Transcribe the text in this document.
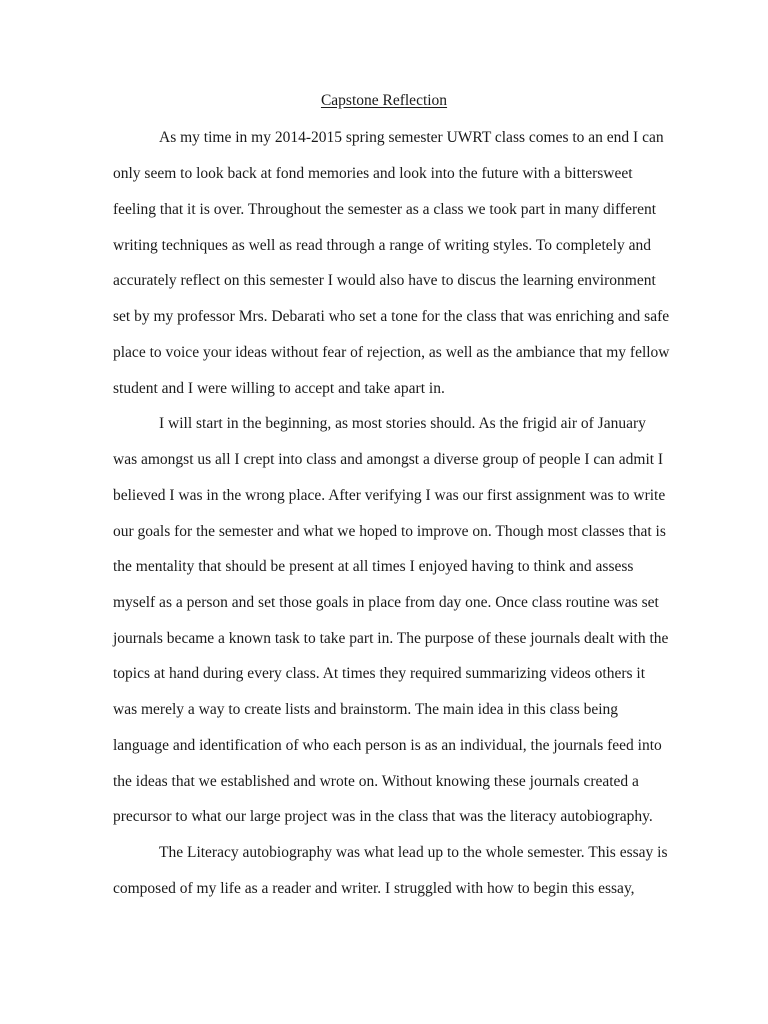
Capstone Reflection
As my time in my 2014-2015 spring semester UWRT class comes to an end I can
only seem to look back at fond memories and look into the future with a bittersweet
feeling that it is over. Throughout the semester as a class we took part in many different
writing techniques as well as read through a range of writing styles. To completely and
accurately reflect on this semester I would also have to discus the learning environment
set by my professor Mrs. Debarati who set a tone for the class that was enriching and safe
place to voice your ideas without fear of rejection, as well as the ambiance that my fellow
student and I were willing to accept and take apart in.
I will start in the beginning, as most stories should. As the frigid air of January
was amongst us all I crept into class and amongst a diverse group of people I can admit I
believed I was in the wrong place. After verifying I was our first assignment was to write
our goals for the semester and what we hoped to improve on. Though most classes that is
the mentality that should be present at all times I enjoyed having to think and assess
myself as a person and set those goals in place from day one. Once class routine was set
journals became a known task to take part in. The purpose of these journals dealt with the
topics at hand during every class. At times they required summarizing videos others it
was merely a way to create lists and brainstorm. The main idea in this class being
language and identification of who each person is as an individual, the journals feed into
the ideas that we established and wrote on. Without knowing these journals created a
precursor to what our large project was in the class that was the literacy autobiography.
The Literacy autobiography was what lead up to the whole semester. This essay is
composed of my life as a reader and writer. I struggled with how to begin this essay,
